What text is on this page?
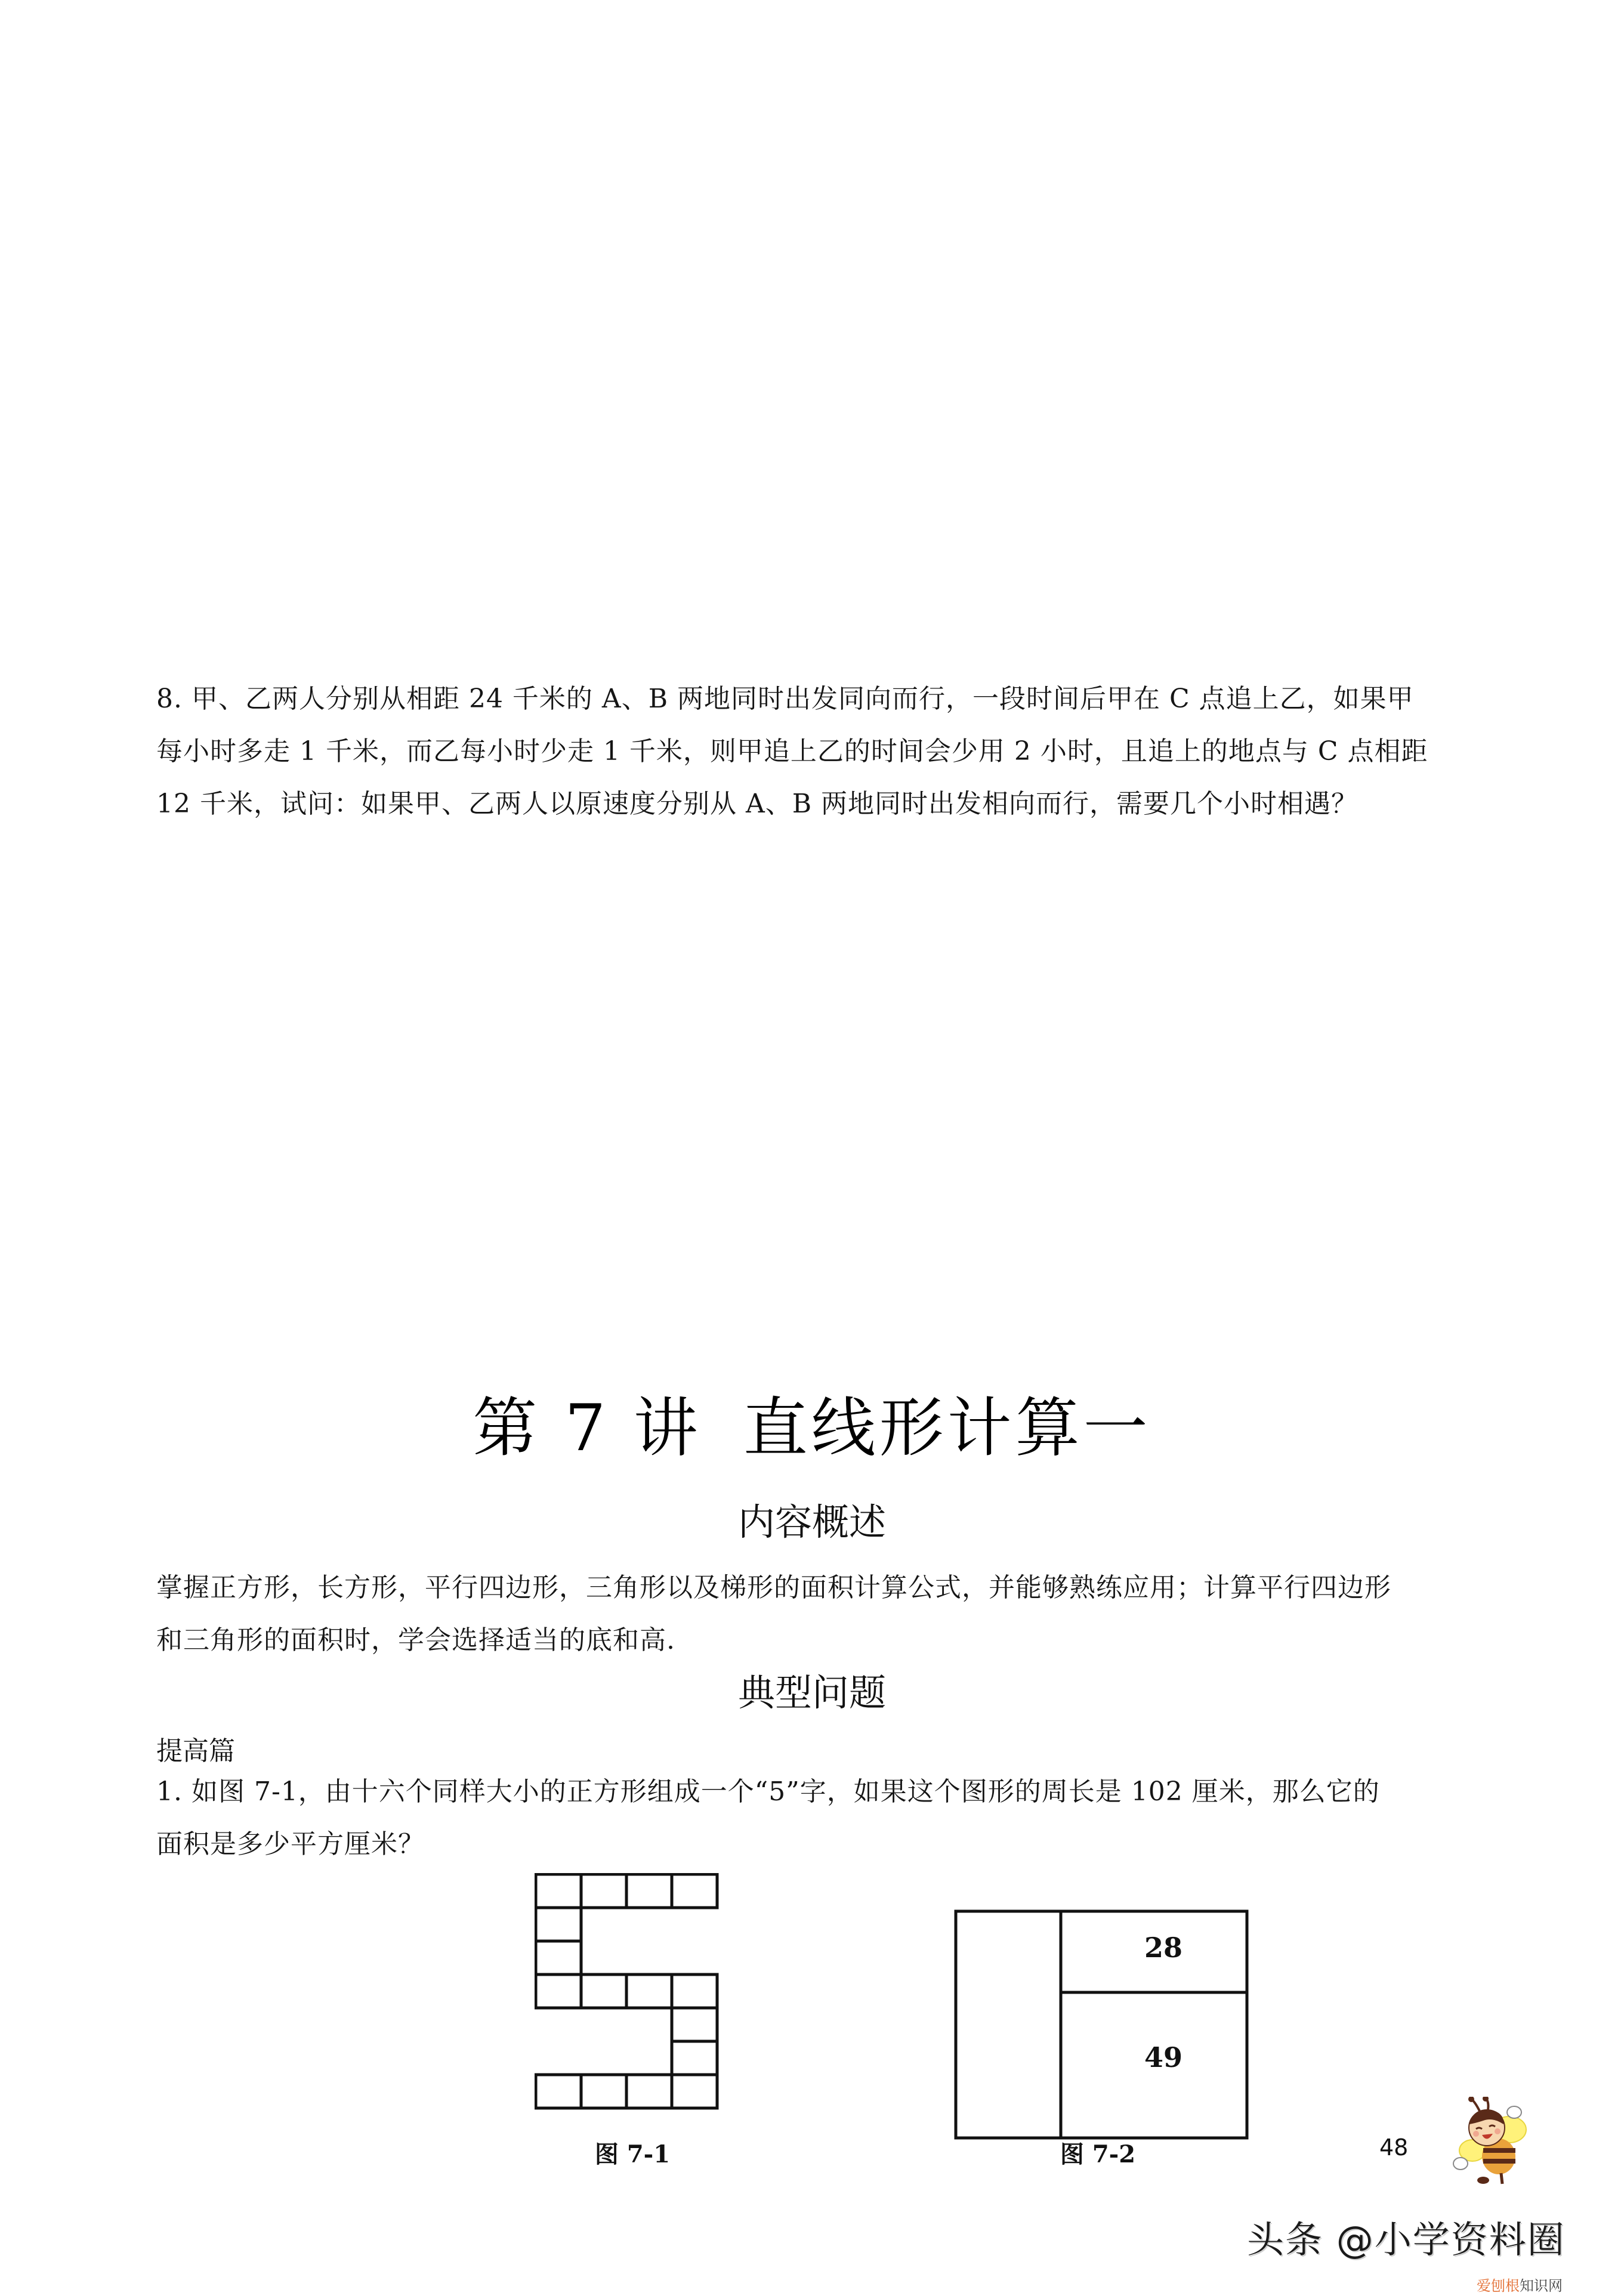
8. 甲、乙两人分别从相距 24 千米的 A、B 两地同时出发同向而行，一段时间后甲在 C 点追上乙，如果甲
每小时多走 1 千米，而乙每小时少走 1 千米，则甲追上乙的时间会少用 2 小时，且追上的地点与 C 点相距
12 千米，试问：如果甲、乙两人以原速度分别从 A、B 两地同时出发相向而行，需要几个小时相遇？
第 7 讲 直线形计算一
内容概述
掌握正方形，长方形，平行四边形，三角形以及梯形的面积计算公式，并能够熟练应用；计算平行四边形
和三角形的面积时，学会选择适当的底和高.
典型问题
提高篇
1. 如图 7-1，由十六个同样大小的正方形组成一个“5”字，如果这个图形的周长是 102 厘米，那么它的
面积是多少平方厘米？
图 7-1
28
49
图 7-2	48
头条 @小学资料圈
爱刨根知识网
